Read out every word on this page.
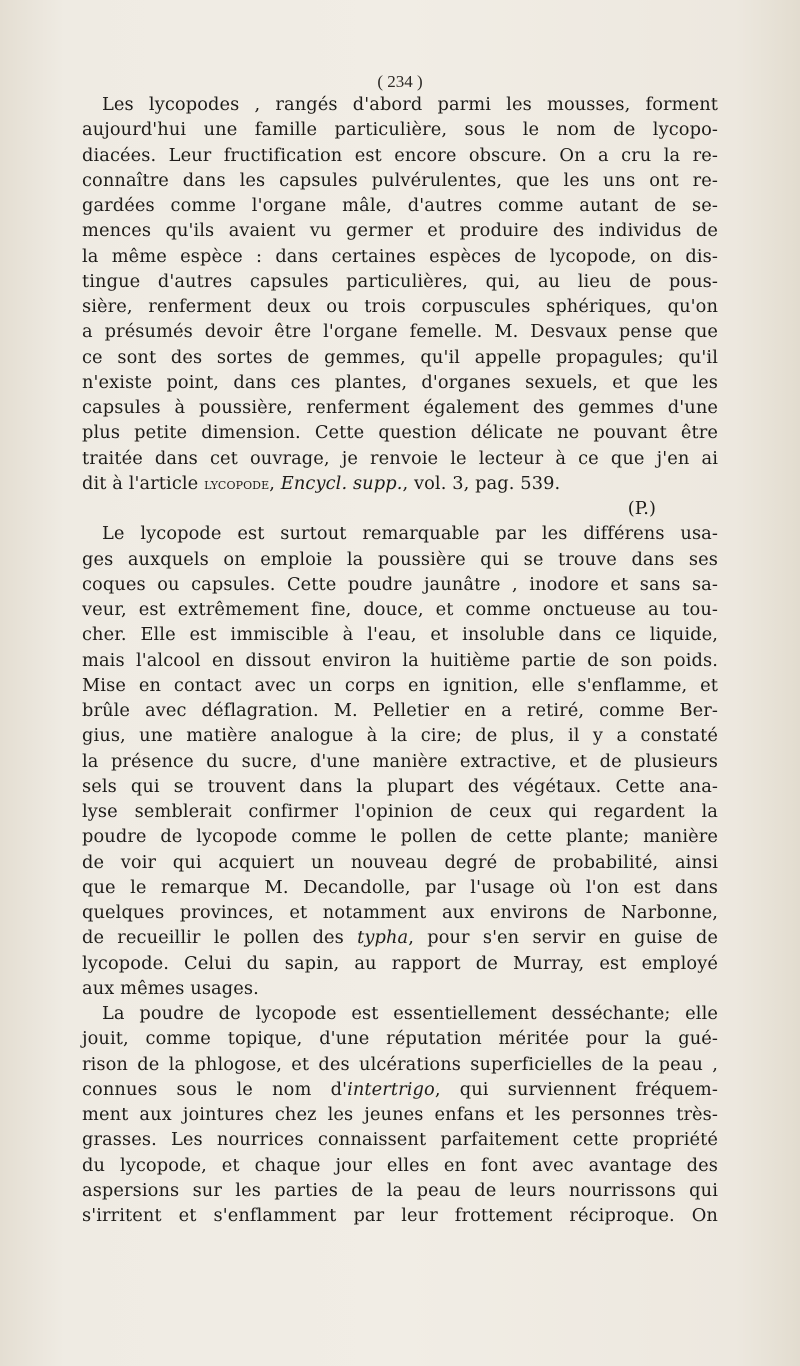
( 234 )
Les lycopodes , rangés d'abord parmi les mousses, forment
aujourd'hui une famille particulière, sous le nom de lycopo-
diacées. Leur fructification est encore obscure. On a cru la re-
connaître dans les capsules pulvérulentes, que les uns ont re-
gardées comme l'organe mâle, d'autres comme autant de se-
mences qu'ils avaient vu germer et produire des individus de
la même espèce : dans certaines espèces de lycopode, on dis-
tingue d'autres capsules particulières, qui, au lieu de pous-
sière, renferment deux ou trois corpuscules sphériques, qu'on
a présumés devoir être l'organe femelle. M. Desvaux pense que
ce sont des sortes de gemmes, qu'il appelle propagules; qu'il
n'existe point, dans ces plantes, d'organes sexuels, et que les
capsules à poussière, renferment également des gemmes d'une
plus petite dimension. Cette question délicate ne pouvant être
traitée dans cet ouvrage, je renvoie le lecteur à ce que j'en ai
dit à l'article lycopode, Encycl. supp., vol. 3, pag. 539.
(P.)
Le lycopode est surtout remarquable par les différens usa-
ges auxquels on emploie la poussière qui se trouve dans ses
coques ou capsules. Cette poudre jaunâtre , inodore et sans sa-
veur, est extrêmement fine, douce, et comme onctueuse au tou-
cher. Elle est immiscible à l'eau, et insoluble dans ce liquide,
mais l'alcool en dissout environ la huitième partie de son poids.
Mise en contact avec un corps en ignition, elle s'enflamme, et
brûle avec déflagration. M. Pelletier en a retiré, comme Ber-
gius, une matière analogue à la cire; de plus, il y a constaté
la présence du sucre, d'une manière extractive, et de plusieurs
sels qui se trouvent dans la plupart des végétaux. Cette ana-
lyse semblerait confirmer l'opinion de ceux qui regardent la
poudre de lycopode comme le pollen de cette plante; manière
de voir qui acquiert un nouveau degré de probabilité, ainsi
que le remarque M. Decandolle, par l'usage où l'on est dans
quelques provinces, et notamment aux environs de Narbonne,
de recueillir le pollen des typha, pour s'en servir en guise de
lycopode. Celui du sapin, au rapport de Murray, est employé
aux mêmes usages.
La poudre de lycopode est essentiellement desséchante; elle
jouit, comme topique, d'une réputation méritée pour la gué-
rison de la phlogose, et des ulcérations superficielles de la peau ,
connues sous le nom d'intertrigo, qui surviennent fréquem-
ment aux jointures chez les jeunes enfans et les personnes très-
grasses. Les nourrices connaissent parfaitement cette propriété
du lycopode, et chaque jour elles en font avec avantage des
aspersions sur les parties de la peau de leurs nourrissons qui
s'irritent et s'enflamment par leur frottement réciproque. On
